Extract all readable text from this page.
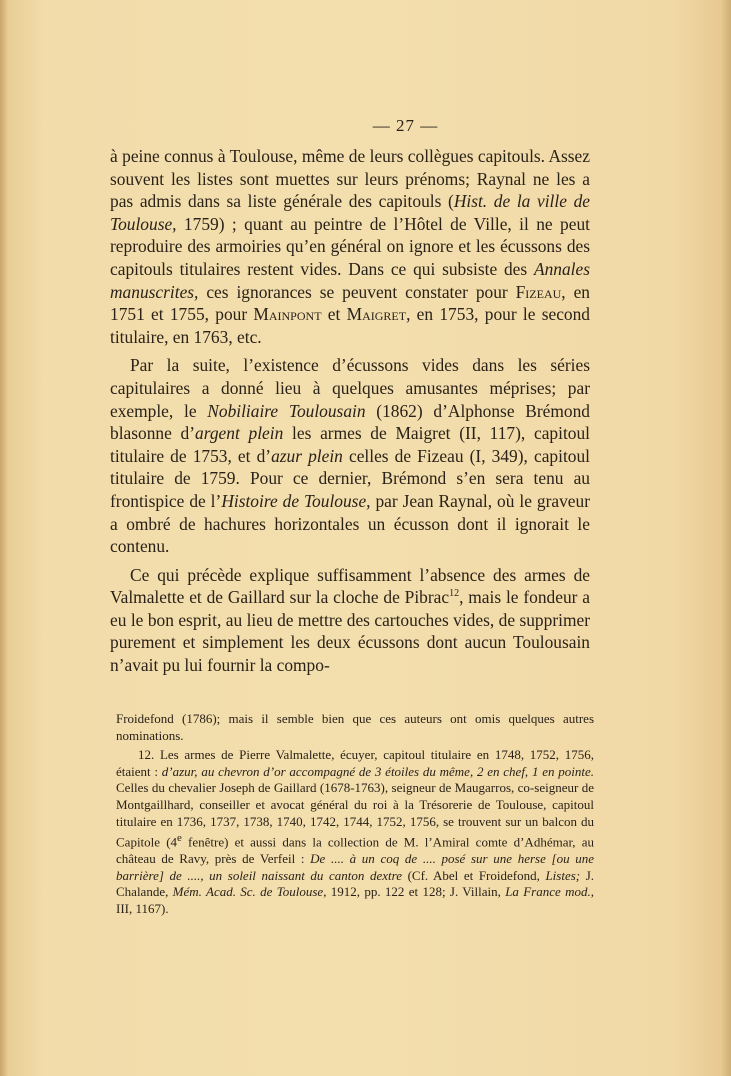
— 27 —

à peine connus à Toulouse, même de leurs collègues capitouls. Assez souvent les listes sont muettes sur leurs prénoms; Raynal ne les a pas admis dans sa liste générale des capitouls (Hist. de la ville de Toulouse, 1759) ; quant au peintre de l’Hôtel de Ville, il ne peut reproduire des armoiries qu’en général on ignore et les écussons des capitouls titulaires restent vides. Dans ce qui subsiste des Annales manuscrites, ces ignorances se peuvent constater pour Fizeau, en 1751 et 1755, pour Mainpont et Maigret, en 1753, pour le second titulaire, en 1763, etc.

Par la suite, l’existence d’écussons vides dans les séries capitulaires a donné lieu à quelques amusantes méprises; par exemple, le Nobiliaire Toulousain (1862) d’Alphonse Brémond blasonne d’argent plein les armes de Maigret (II, 117), capitoul titulaire de 1753, et d’azur plein celles de Fizeau (I, 349), capitoul titulaire de 1759. Pour ce dernier, Brémond s’en sera tenu au frontispice de l’Histoire de Toulouse, par Jean Raynal, où le graveur a ombré de hachures horizontales un écusson dont il ignorait le contenu.

Ce qui précède explique suffisamment l’absence des armes de Valmalette et de Gaillard sur la cloche de Pibrac$^{12}$, mais le fondeur a eu le bon esprit, au lieu de mettre des cartouches vides, de supprimer purement et simplement les deux écussons dont aucun Toulousain n’avait pu lui fournir la compo-

Froidefond (1786); mais il semble bien que ces auteurs ont omis quelques autres nominations.

12. Les armes de Pierre Valmalette, écuyer, capitoul titulaire en 1748, 1752, 1756, étaient : d’azur, au chevron d’or accompagné de 3 étoiles du même, 2 en chef, 1 en pointe. Celles du chevalier Joseph de Gaillard (1678-1763), seigneur de Maugarros, co-seigneur de Montgaillhard, conseiller et avocat général du roi à la Trésorerie de Toulouse, capitoul titulaire en 1736, 1737, 1738, 1740, 1742, 1744, 1752, 1756, se trouvent sur un balcon du Capitole (4e fenêtre) et aussi dans la collection de M. l’Amiral comte d’Adhémar, au château de Ravy, près de Verfeil : De .... à un coq de .... posé sur une herse [ou une barrière] de ...., un soleil naissant du canton dextre (Cf. Abel et Froidefond, Listes; J. Chalande, Mém. Acad. Sc. de Toulouse, 1912, pp. 122 et 128; J. Villain, La France mod., III, 1167).
